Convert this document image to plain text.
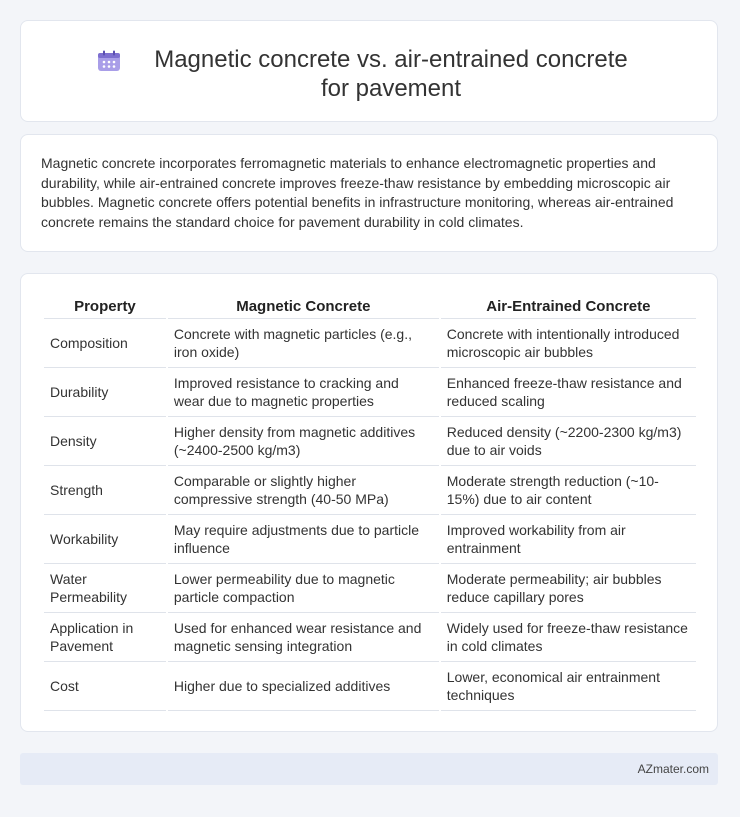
Magnetic concrete vs. air-entrained concrete for pavement

Magnetic concrete incorporates ferromagnetic materials to enhance electromagnetic properties and durability, while air-entrained concrete improves freeze-thaw resistance by embedding microscopic air bubbles. Magnetic concrete offers potential benefits in infrastructure monitoring, whereas air-entrained concrete remains the standard choice for pavement durability in cold climates.

Property	Magnetic Concrete	Air-Entrained Concrete
Composition	Concrete with magnetic particles (e.g., iron oxide)	Concrete with intentionally introduced microscopic air bubbles
Durability	Improved resistance to cracking and wear due to magnetic properties	Enhanced freeze-thaw resistance and reduced scaling
Density	Higher density from magnetic additives (~2400-2500 kg/m3)	Reduced density (~2200-2300 kg/m3) due to air voids
Strength	Comparable or slightly higher compressive strength (40-50 MPa)	Moderate strength reduction (~10-15%) due to air content
Workability	May require adjustments due to particle influence	Improved workability from air entrainment
Water Permeability	Lower permeability due to magnetic particle compaction	Moderate permeability; air bubbles reduce capillary pores
Application in Pavement	Used for enhanced wear resistance and magnetic sensing integration	Widely used for freeze-thaw resistance in cold climates
Cost	Higher due to specialized additives	Lower, economical air entrainment techniques
AZmater.com
